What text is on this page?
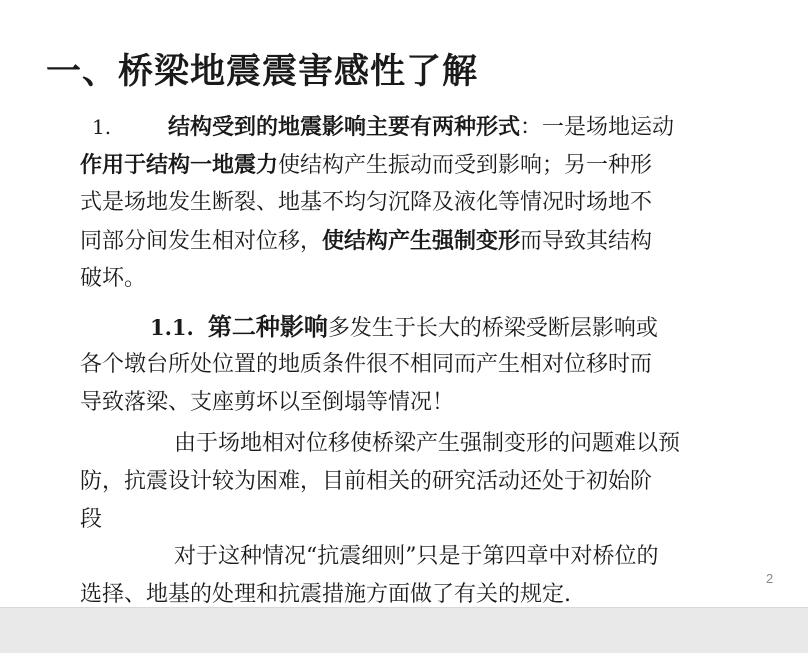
一、桥梁地震震害感性了解
1.	结构受到的地震影响主要有两种形式：一是场地运动
作用于结构一地震力使结构产生振动而受到影响；另一种形
式是场地发生断裂、地基不均匀沉降及液化等情况时场地不
同部分间发生相对位移，使结构产生强制变形而导致其结构
破坏。
1.1. 第二种影响多发生于长大的桥梁受断层影响或
各个墩台所处位置的地质条件很不相同而产生相对位移时而
导致落梁、支座剪坏以至倒塌等情况！
由于场地相对位移使桥梁产生强制变形的问题难以预
防，抗震设计较为困难，目前相关的研究活动还处于初始阶
段
对于这种情况“抗震细则”只是于第四章中对桥位的
选择、地基的处理和抗震措施方面做了有关的规定.
2
